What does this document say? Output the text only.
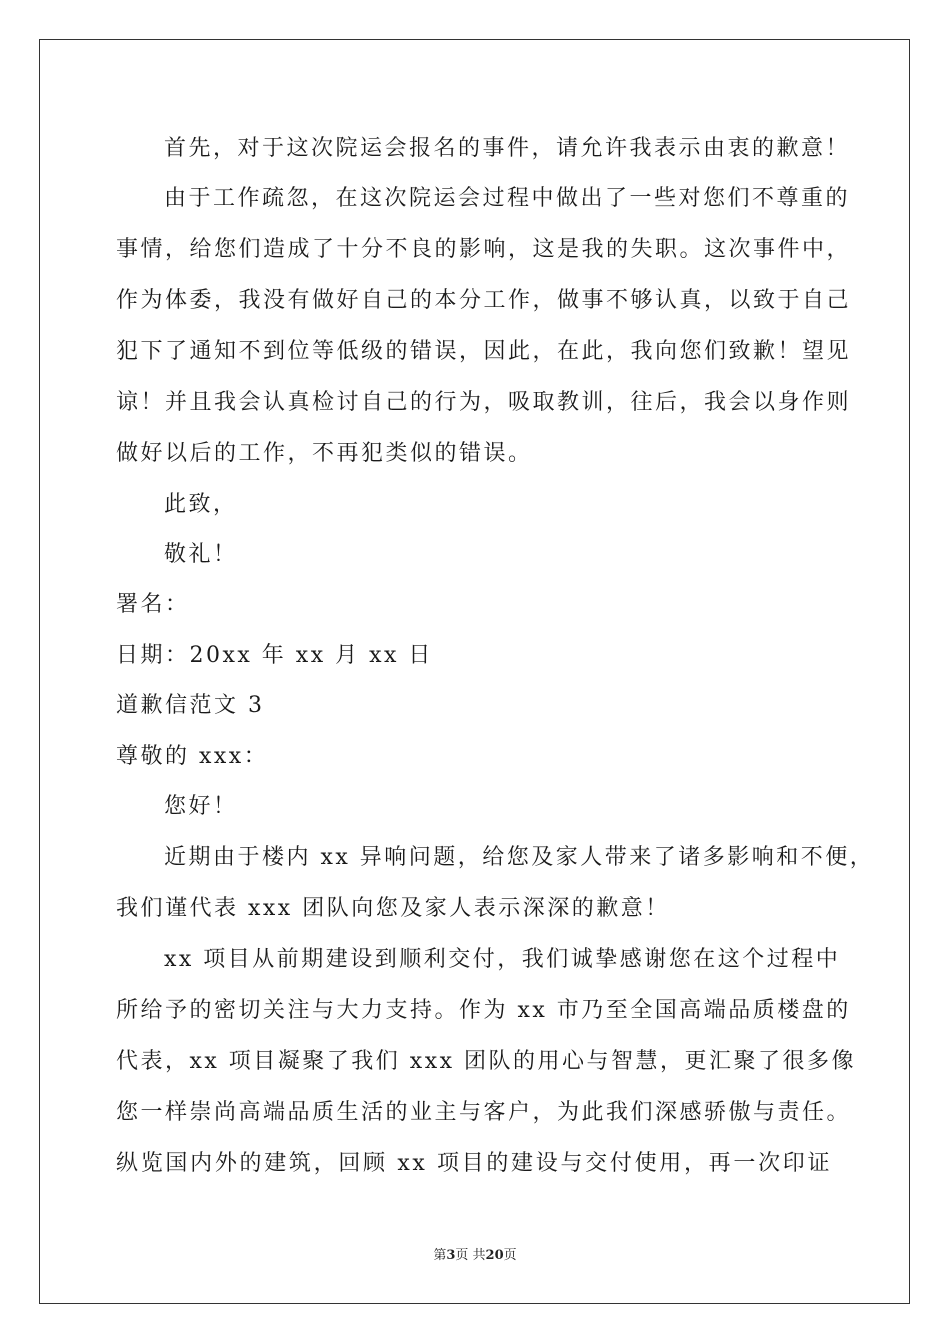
首先，对于这次院运会报名的事件，请允许我表示由衷的歉意！
由于工作疏忽，在这次院运会过程中做出了一些对您们不尊重的
事情，给您们造成了十分不良的影响，这是我的失职。这次事件中，
作为体委，我没有做好自己的本分工作，做事不够认真，以致于自己
犯下了通知不到位等低级的错误，因此，在此，我向您们致歉！望见
谅！并且我会认真检讨自己的行为，吸取教训，往后，我会以身作则
做好以后的工作，不再犯类似的错误。
此致，
敬礼！
署名：
日期：20xx 年 xx 月 xx 日
道歉信范文 3
尊敬的 xxx：
您好！
近期由于楼内 xx 异响问题，给您及家人带来了诸多影响和不便，
我们谨代表 xxx 团队向您及家人表示深深的歉意！
xx 项目从前期建设到顺利交付，我们诚挚感谢您在这个过程中
所给予的密切关注与大力支持。作为 xx 市乃至全国高端品质楼盘的
代表，xx 项目凝聚了我们 xxx 团队的用心与智慧，更汇聚了很多像
您一样崇尚高端品质生活的业主与客户，为此我们深感骄傲与责任。
纵览国内外的建筑，回顾 xx 项目的建设与交付使用，再一次印证
第3页 共20页
